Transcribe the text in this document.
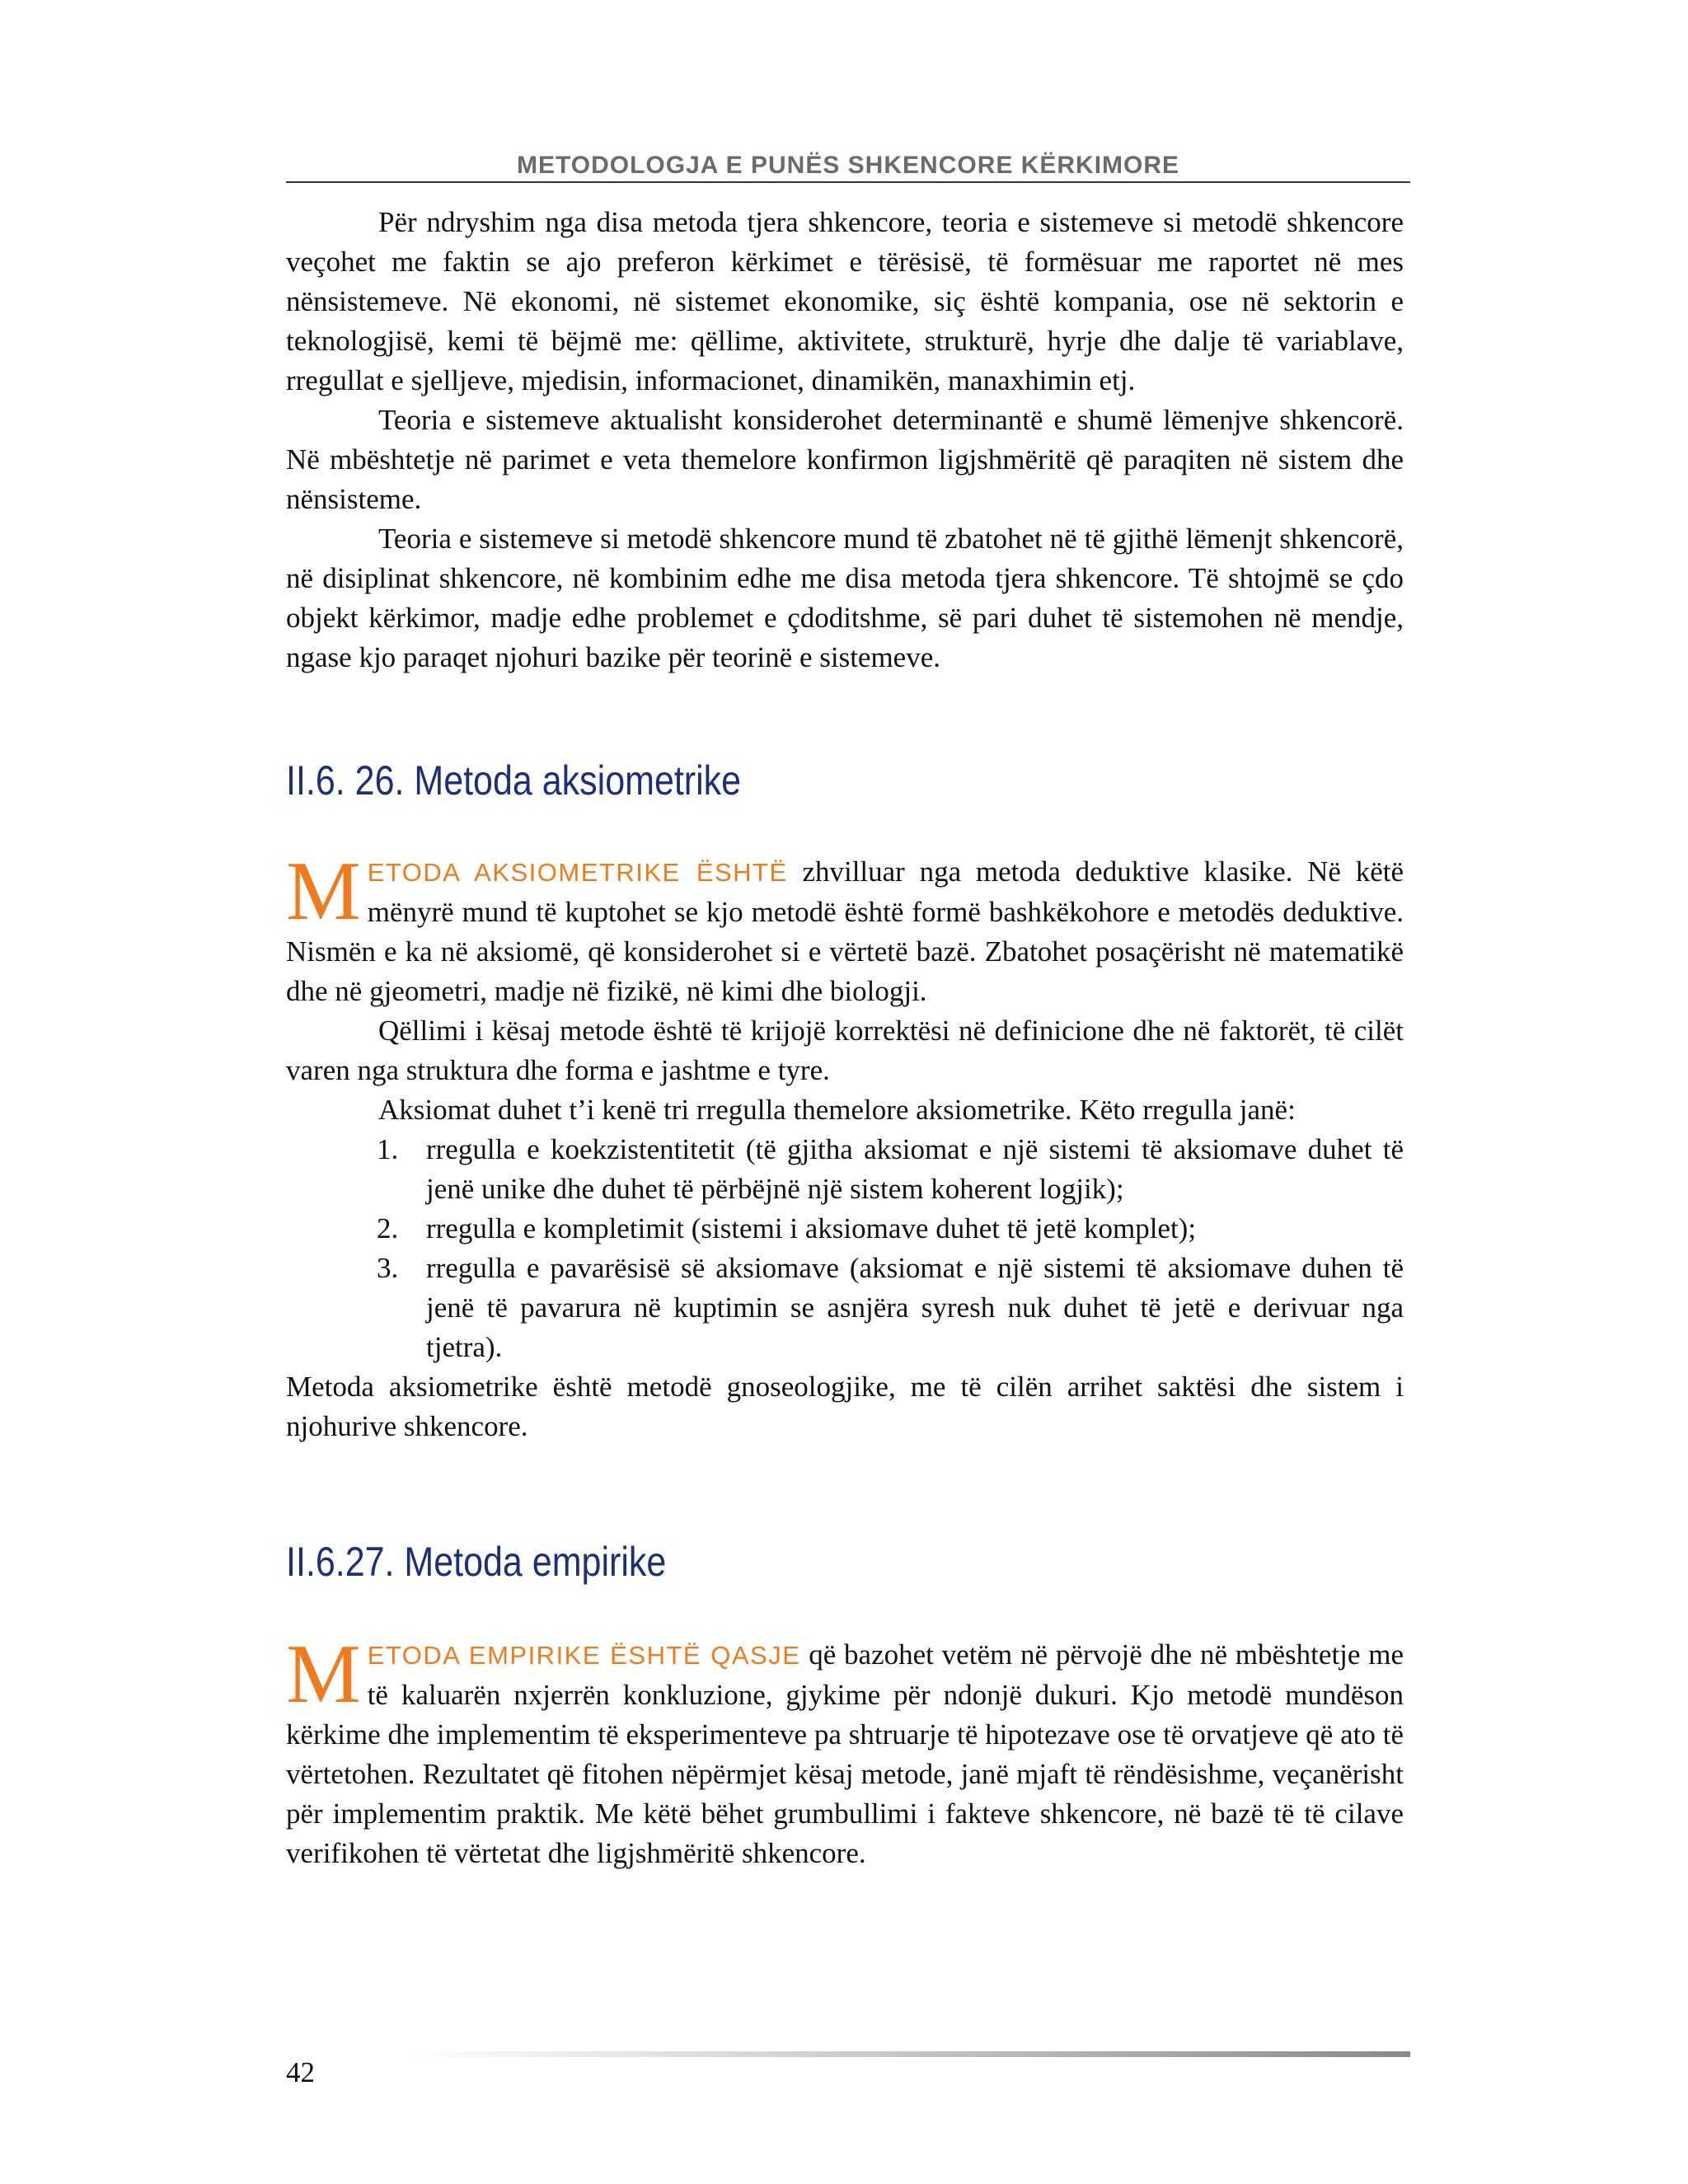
METODOLOGJA E PUNËS SHKENCORE KËRKIMORE

Për ndryshim nga disa metoda tjera shkencore, teoria e sistemeve si metodë shkencore veçohet me faktin se ajo preferon kërkimet e tërësisë, të formësuar me raportet në mes nënsistemeve. Në ekonomi, në sistemet ekonomike, siç është kompania, ose në sektorin e teknologjisë, kemi të bëjmë me: qëllime, aktivitete, strukturë, hyrje dhe dalje të variablave, rregullat e sjelljeve, mjedisin, informacionet, dinamikën, manaxhimin etj.

Teoria e sistemeve aktualisht konsiderohet determinantë e shumë lëmenjve shkencorë. Në mbështetje në parimet e veta themelore konfirmon ligjshmëritë që paraqiten në sistem dhe nënsisteme.

Teoria e sistemeve si metodë shkencore mund të zbatohet në të gjithë lëmenjt shkencorë, në disiplinat shkencore, në kombinim edhe me disa metoda tjera shkencore. Të shtojmë se çdo objekt kërkimor, madje edhe problemet e çdoditshme, së pari duhet të sistemohen në mendje, ngase kjo paraqet njohuri bazike për teorinë e sistemeve.

II.6. 26. Metoda aksiometrike

METODA AKSIOMETRIKE ËSHTË zhvilluar nga metoda deduktive klasike. Në këtë mënyrë mund të kuptohet se kjo metodë është formë bashkëkohore e metodës deduktive. Nismën e ka në aksiomë, që konsiderohet si e vërtetë bazë. Zbatohet posaçërisht në matematikë dhe në gjeometri, madje në fizikë, në kimi dhe biologji.

Qëllimi i kësaj metode është të krijojë korrektësi në definicione dhe në faktorët, të cilët varen nga struktura dhe forma e jashtme e tyre.

Aksiomat duhet t’i kenë tri rregulla themelore aksiometrike. Këto rregulla janë:

1. rregulla e koekzistentitetit (të gjitha aksiomat e një sistemi të aksiomave duhet të jenë unike dhe duhet të përbëjnë një sistem koherent logjik);
2. rregulla e kompletimit (sistemi i aksiomave duhet të jetë komplet);
3. rregulla e pavarësisë së aksiomave (aksiomat e një sistemi të aksiomave duhen të jenë të pavarura në kuptimin se asnjëra syresh nuk duhet të jetë e derivuar nga tjetra).

Metoda aksiometrike është metodë gnoseologjike, me të cilën arrihet saktësi dhe sistem i njohurive shkencore.

II.6.27. Metoda empirike

METODA EMPIRIKE ËSHTË QASJE që bazohet vetëm në përvojë dhe në mbështetje me të kaluarën nxjerrën konkluzione, gjykime për ndonjë dukuri. Kjo metodë mundëson kërkime dhe implementim të eksperimenteve pa shtruarje të hipotezave ose të orvatjeve që ato të vërtetohen. Rezultatet që fitohen nëpërmjet kësaj metode, janë mjaft të rëndësishme, veçanërisht për implementim praktik. Me këtë bëhet grumbullimi i fakteve shkencore, në bazë të të cilave verifikohen të vërtetat dhe ligjshmëritë shkencore.

42
